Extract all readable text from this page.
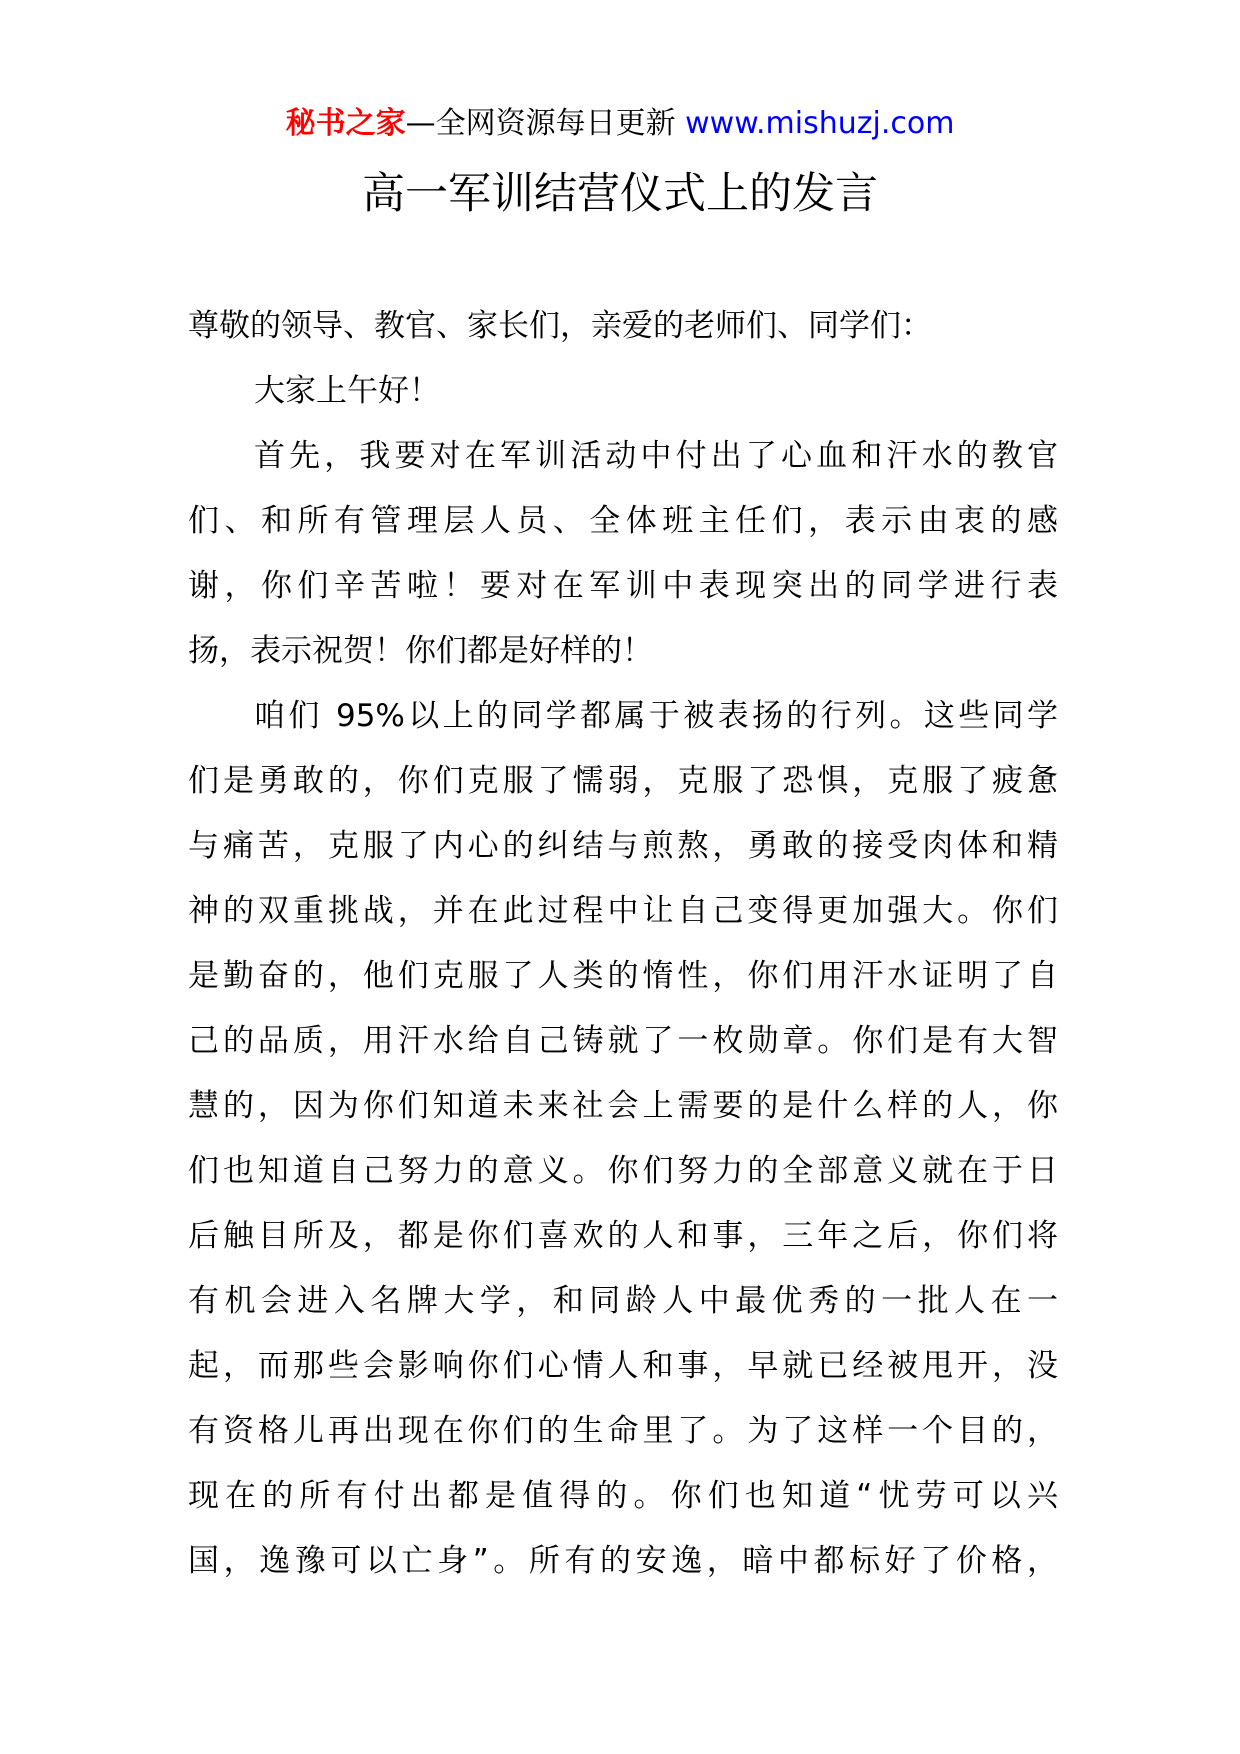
秘书之家—全网资源每日更新 www.mishuzj.com
高一军训结营仪式上的发言
尊敬的领导、教官、家长们，亲爱的老师们、同学们：
大家上午好！
首先，我要对在军训活动中付出了心血和汗水的教官
们、和所有管理层人员、全体班主任们，表示由衷的感
谢，你们辛苦啦！要对在军训中表现突出的同学进行表
扬，表示祝贺！你们都是好样的！
咱们 95%以上的同学都属于被表扬的行列。这些同学
们是勇敢的，你们克服了懦弱，克服了恐惧，克服了疲惫
与痛苦，克服了内心的纠结与煎熬，勇敢的接受肉体和精
神的双重挑战，并在此过程中让自己变得更加强大。你们
是勤奋的，他们克服了人类的惰性，你们用汗水证明了自
己的品质，用汗水给自己铸就了一枚勋章。你们是有大智
慧的，因为你们知道未来社会上需要的是什么样的人，你
们也知道自己努力的意义。你们努力的全部意义就在于日
后触目所及，都是你们喜欢的人和事，三年之后，你们将
有机会进入名牌大学，和同龄人中最优秀的一批人在一
起，而那些会影响你们心情人和事，早就已经被甩开，没
有资格儿再出现在你们的生命里了。为了这样一个目的，
现在的所有付出都是值得的。你们也知道“忧劳可以兴
国，逸豫可以亡身”。所有的安逸，暗中都标好了价格，
